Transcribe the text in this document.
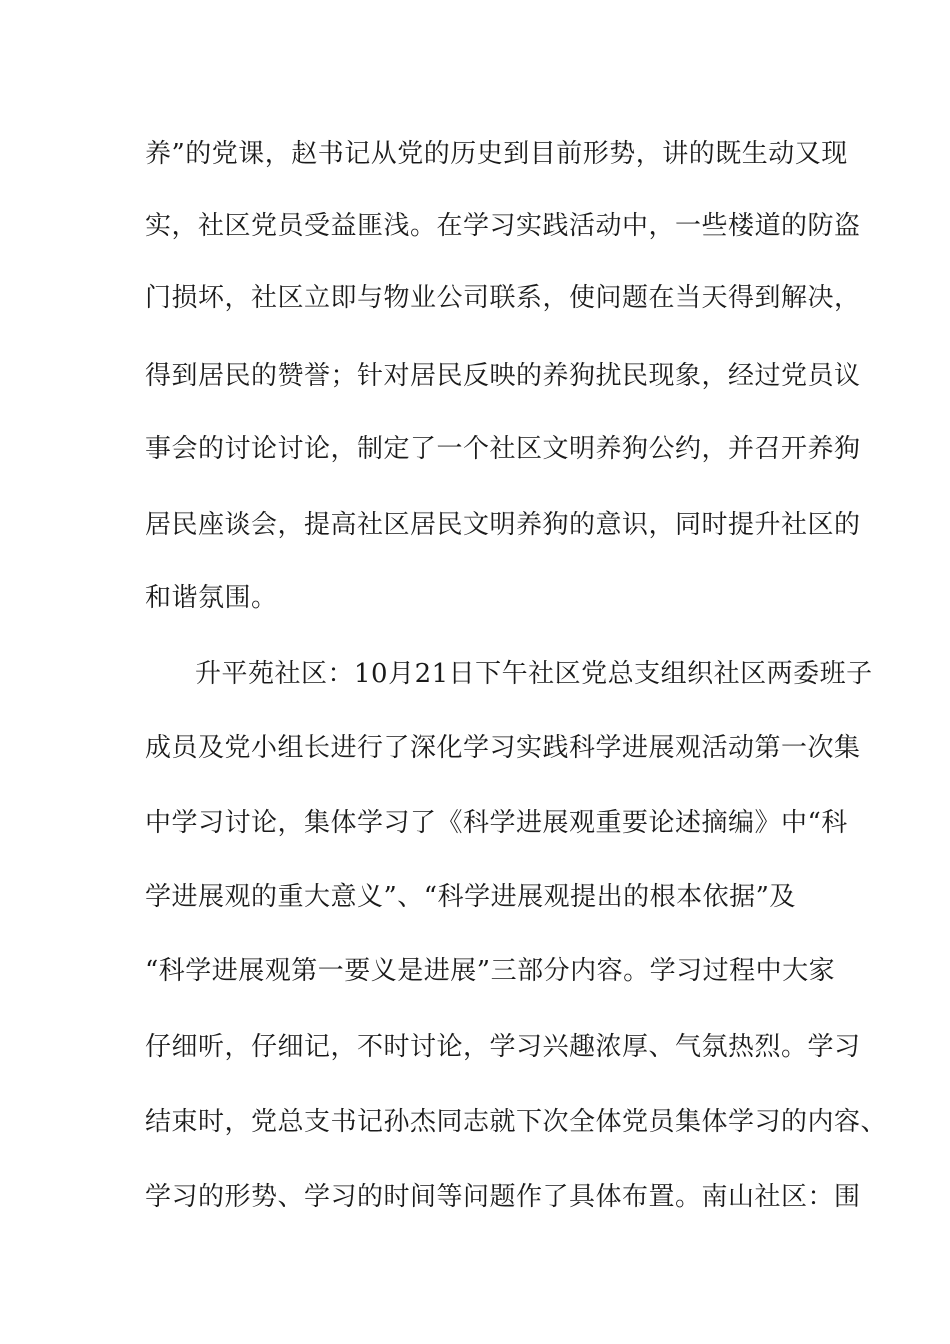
养”的党课，赵书记从党的历史到目前形势，讲的既生动又现
实，社区党员受益匪浅。在学习实践活动中，一些楼道的防盗
门损坏，社区立即与物业公司联系，使问题在当天得到解决，
得到居民的赞誉；针对居民反映的养狗扰民现象，经过党员议
事会的讨论讨论，制定了一个社区文明养狗公约，并召开养狗
居民座谈会，提高社区居民文明养狗的意识，同时提升社区的
和谐氛围。
升平苑社区：10月21日下午社区党总支组织社区两委班子
成员及党小组长进行了深化学习实践科学进展观活动第一次集
中学习讨论，集体学习了《科学进展观重要论述摘编》中“科
学进展观的重大意义”、“科学进展观提出的根本依据”及
“科学进展观第一要义是进展”三部分内容。学习过程中大家
仔细听，仔细记，不时讨论，学习兴趣浓厚、气氛热烈。学习
结束时，党总支书记孙杰同志就下次全体党员集体学习的内容、
学习的形势、学习的时间等问题作了具体布置。南山社区：围
